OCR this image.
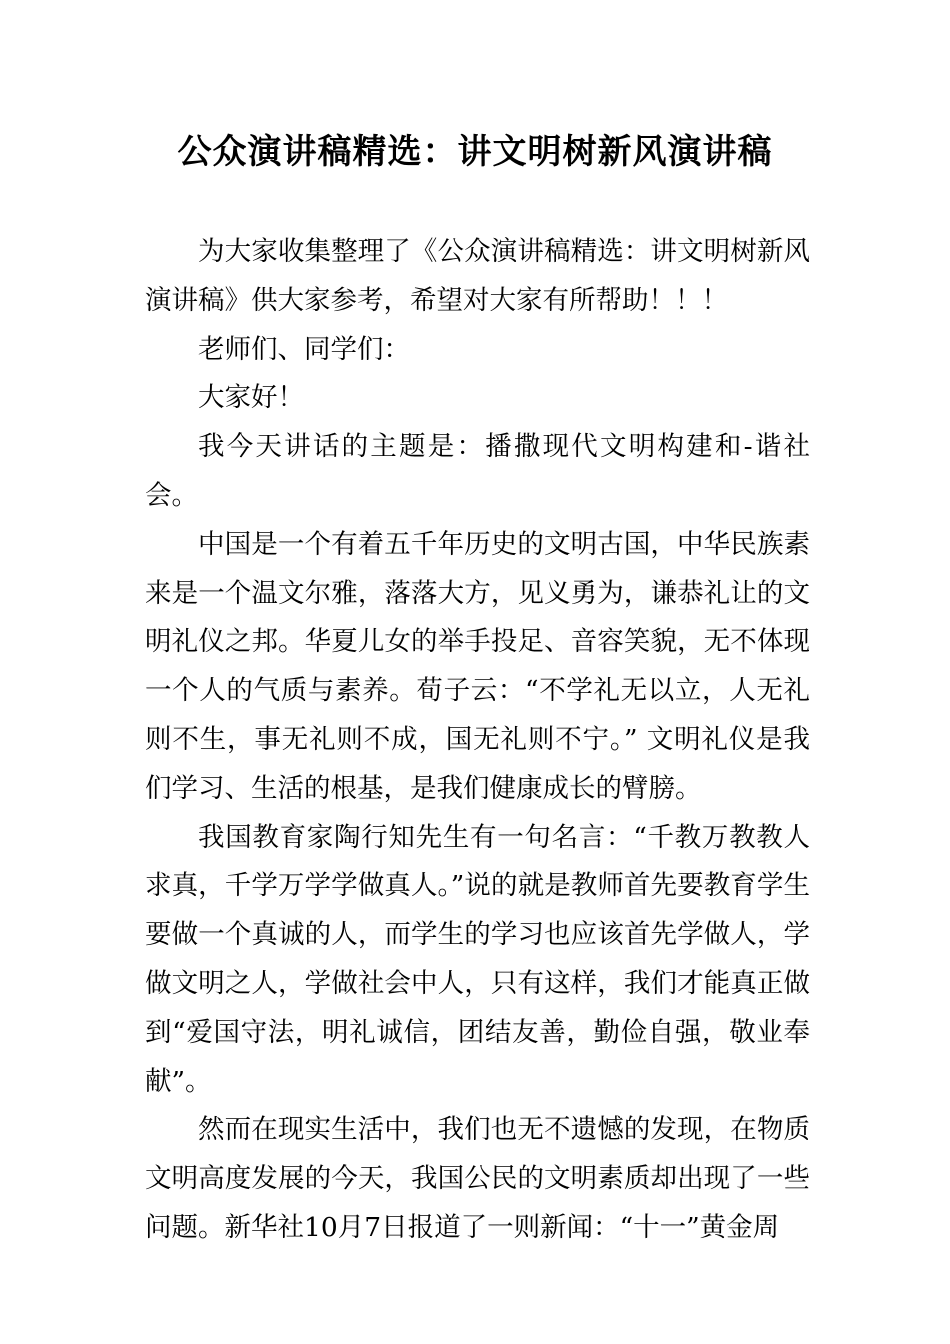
公众演讲稿精选：讲文明树新风演讲稿

为大家收集整理了《公众演讲稿精选：讲文明树新风演讲稿》供大家参考，希望对大家有所帮助！！！

老师们、同学们：

大家好！

我今天讲话的主题是：播撒现代文明构建和-谐社会。

中国是一个有着五千年历史的文明古国，中华民族素来是一个温文尔雅，落落大方，见义勇为，谦恭礼让的文明礼仪之邦。华夏儿女的举手投足、音容笑貌，无不体现一个人的气质与素养。荀子云：“不学礼无以立，人无礼则不生，事无礼则不成，国无礼则不宁。” 文明礼仪是我们学习、生活的根基，是我们健康成长的臂膀。

我国教育家陶行知先生有一句名言：“千教万教教人求真，千学万学学做真人。”说的就是教师首先要教育学生要做一个真诚的人，而学生的学习也应该首先学做人，学做文明之人，学做社会中人，只有这样，我们才能真正做到“爱国守法，明礼诚信，团结友善，勤俭自强，敬业奉献”。

然而在现实生活中，我们也无不遗憾的发现，在物质文明高度发展的今天，我国公民的文明素质却出现了一些问题。新华社10月7日报道了一则新闻：“十一”黄金周
